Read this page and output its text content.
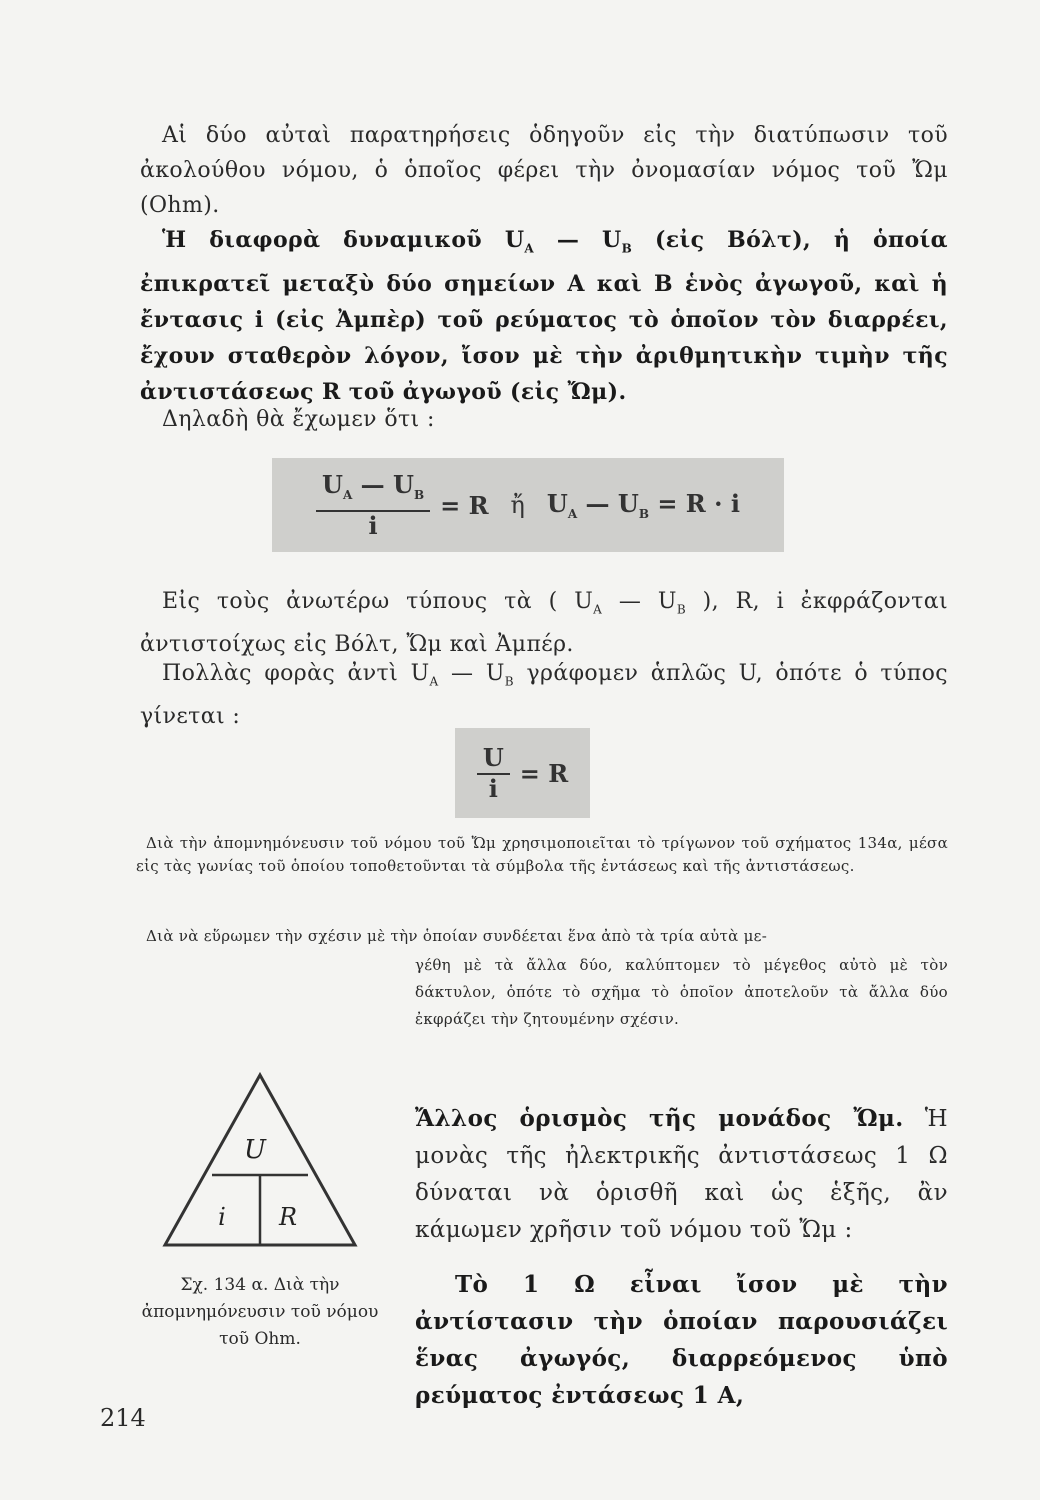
Αἱ δύο αὐταὶ παρατηρήσεις ὁδηγοῦν εἰς τὴν διατύπωσιν τοῦ ἀκολούθου νόμου, ὁ ὁποῖος φέρει τὴν ὀνομασίαν νόμος τοῦ Ὤμ (Ohm).

Ἡ διαφορὰ δυναμικοῦ $U_A$ — $U_B$ (εἰς Βόλτ), ἡ ὁποία ἐπικρατεῖ μεταξὺ δύο σημείων Α καὶ Β ἑνὸς ἀγωγοῦ, καὶ ἡ ἔντασις i (εἰς Ἀμπὲρ) τοῦ ρεύματος τὸ ὁποῖον τὸν διαρρέει, ἔχουν σταθερὸν λόγον, ἴσον μὲ τὴν ἀριθμητικὴν τιμὴν τῆς ἀντιστάσεως R τοῦ ἀγωγοῦ (εἰς Ὤμ).

Δηλαδὴ θὰ ἔχωμεν ὅτι :

$\frac{U_A — U_B}{i} = R$ ἤ $U_A$ — $U_B = R \cdot i$

Εἰς τοὺς ἀνωτέρω τύπους τὰ ( $U_A$ — $U_B$ ), R, i ἐκφράζονται ἀντιστοίχως εἰς Βόλτ, Ὤμ καὶ Ἀμπέρ.

Πολλὰς φορὰς ἀντὶ $U_A$ — $U_B$ γράφομεν ἁπλῶς U, ὁπότε ὁ τύπος γίνεται :

$\frac{U}{i} = R$

Διὰ τὴν ἀπομνημόνευσιν τοῦ νόμου τοῦ Ὤμ χρησιμοποιεῖται τὸ τρίγωνον τοῦ σχήματος 134α, μέσα εἰς τὰς γωνίας τοῦ ὁποίου τοποθετοῦνται τὰ σύμβολα τῆς ἐντάσεως καὶ τῆς ἀντιστάσεως.

Διὰ νὰ εὕρωμεν τὴν σχέσιν μὲ τὴν ὁποίαν συνδέεται ἕνα ἀπὸ τὰ τρία αὐτὰ με-

γέθη μὲ τὰ ἄλλα δύο, καλύπτομεν τὸ μέγεθος αὐτὸ μὲ τὸν δάκτυλον, ὁπότε τὸ σχῆμα τὸ ὁποῖον ἀποτελοῦν τὰ ἄλλα δύο ἐκφράζει τὴν ζητουμένην σχέσιν.

U
i R
Σχ. 134 α. Διὰ τὴν ἀπομνημόνευσιν τοῦ νόμου τοῦ Ohm.

Ἄλλος ὁρισμὸς τῆς μονάδος Ὤμ. Ἡ μονὰς τῆς ἠλεκτρικῆς ἀντιστάσεως 1 Ω δύναται νὰ ὁρισθῆ καὶ ὡς ἑξῆς, ἂν κάμωμεν χρῆσιν τοῦ νόμου τοῦ Ὤμ :

Τὸ 1 Ω εἶναι ἴσον μὲ τὴν ἀντίστασιν τὴν ὁποίαν παρουσιάζει ἕνας ἀγωγός, διαρρεόμενος ὑπὸ ρεύματος ἐντάσεως 1 A,

214
